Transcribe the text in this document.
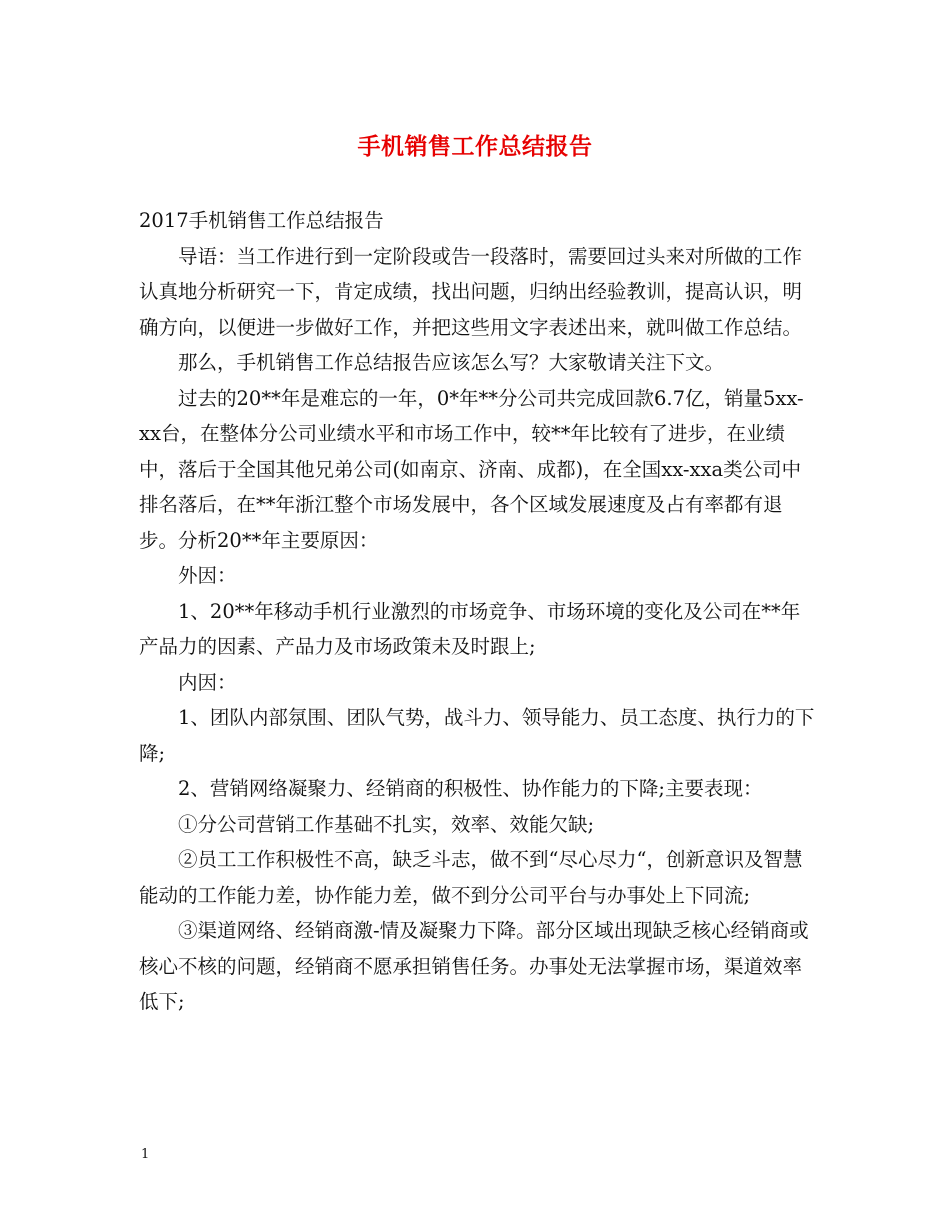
手机销售工作总结报告

2017手机销售工作总结报告

导语：当工作进行到一定阶段或告一段落时，需要回过头来对所做的工作认真地分析研究一下，肯定成绩，找出问题，归纳出经验教训，提高认识，明确方向，以便进一步做好工作，并把这些用文字表述出来，就叫做工作总结。

那么，手机销售工作总结报告应该怎么写？大家敬请关注下文。

过去的20**年是难忘的一年，0*年**分公司共完成回款6.7亿，销量5xx-xx台，在整体分公司业绩水平和市场工作中，较**年比较有了进步，在业绩中，落后于全国其他兄弟公司(如南京、济南、成都)，在全国xx-xxa类公司中排名落后，在**年浙江整个市场发展中，各个区域发展速度及占有率都有退步。分析20**年主要原因：

外因：

1、20**年移动手机行业激烈的市场竞争、市场环境的变化及公司在**年产品力的因素、产品力及市场政策未及时跟上;

内因：

1、团队内部氛围、团队气势，战斗力、领导能力、员工态度、执行力的下降;

2、营销网络凝聚力、经销商的积极性、协作能力的下降;主要表现：

①分公司营销工作基础不扎实，效率、效能欠缺;

②员工工作积极性不高，缺乏斗志，做不到“尽心尽力“，创新意识及智慧能动的工作能力差，协作能力差，做不到分公司平台与办事处上下同流;

③渠道网络、经销商激-情及凝聚力下降。部分区域出现缺乏核心经销商或核心不核的问题，经销商不愿承担销售任务。办事处无法掌握市场，渠道效率低下;

1
